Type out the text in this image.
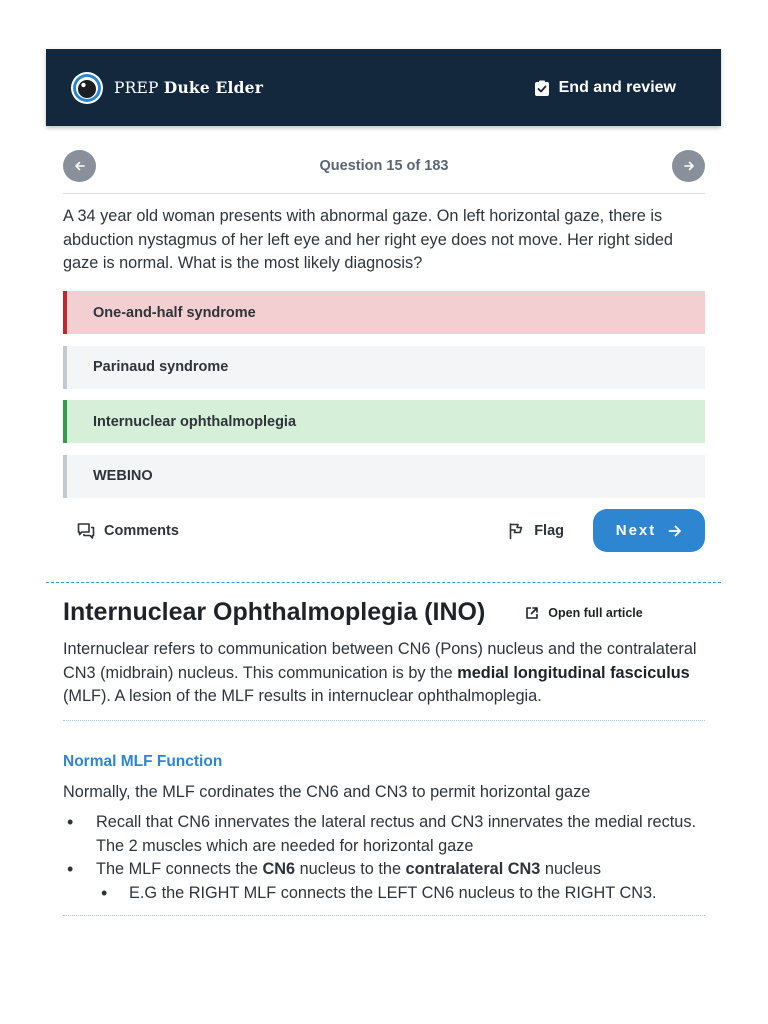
PREP Duke Elder	End and review
Question 15 of 183

A 34 year old woman presents with abnormal gaze. On left horizontal gaze, there is abduction nystagmus of her left eye and her right eye does not move. Her right sided gaze is normal. What is the most likely diagnosis?

One-and-half syndrome
Parinaud syndrome
Internuclear ophthalmoplegia
WEBINO
Comments	Flag	Next
Internuclear Ophthalmoplegia (INO)	Open full article

Internuclear refers to communication between CN6 (Pons) nucleus and the contralateral CN3 (midbrain) nucleus. This communication is by the medial longitudinal fasciculus (MLF). A lesion of the MLF results in internuclear ophthalmoplegia.

Normal MLF Function

Normally, the MLF cordinates the CN6 and CN3 to permit horizontal gaze

• Recall that CN6 innervates the lateral rectus and CN3 innervates the medial rectus. The 2 muscles which are needed for horizontal gaze
• The MLF connects the CN6 nucleus to the contralateral CN3 nucleus
• E.G the RIGHT MLF connects the LEFT CN6 nucleus to the RIGHT CN3.
